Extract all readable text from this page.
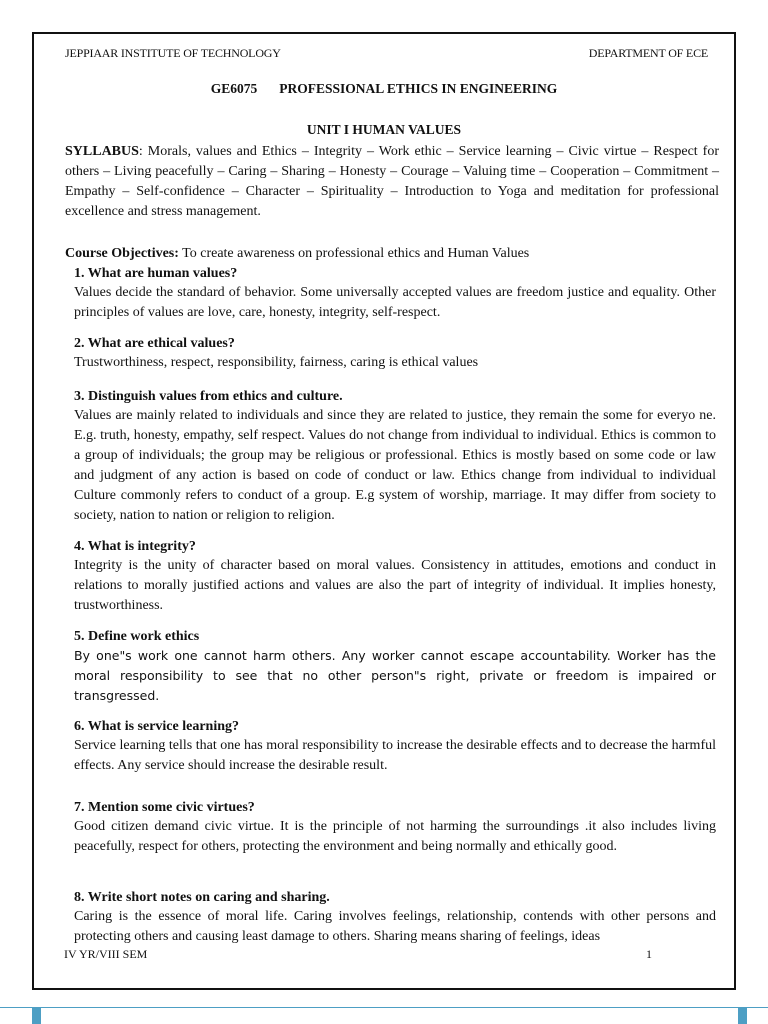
JEPPIAAR INSTITUTE OF TECHNOLOGY	DEPARTMENT OF ECE
GE6075 PROFESSIONAL ETHICS IN ENGINEERING
UNIT I HUMAN VALUES
SYLLABUS: Morals, values and Ethics – Integrity – Work ethic – Service learning – Civic virtue – Respect for others – Living peacefully – Caring – Sharing – Honesty – Courage – Valuing time – Cooperation – Commitment – Empathy – Self-confidence – Character – Spirituality – Introduction to Yoga and meditation for professional excellence and stress management.
Course Objectives: To create awareness on professional ethics and Human Values
1. What are human values?

Values decide the standard of behavior. Some universally accepted values are freedom justice and equality. Other principles of values are love, care, honesty, integrity, self-respect.

2. What are ethical values?

Trustworthiness, respect, responsibility, fairness, caring is ethical values

3. Distinguish values from ethics and culture.

Values are mainly related to individuals and since they are related to justice, they remain the some for everyo ne. E.g. truth, honesty, empathy, self respect. Values do not change from individual to individual. Ethics is common to a group of individuals; the group may be religious or professional. Ethics is mostly based on some code or law and judgment of any action is based on code of conduct or law. Ethics change from individual to individual Culture commonly refers to conduct of a group. E.g system of worship, marriage. It may differ from society to society, nation to nation or religion to religion.

4. What is integrity?

Integrity is the unity of character based on moral values. Consistency in attitudes, emotions and conduct in relations to morally justified actions and values are also the part of integrity of individual. It implies honesty, trustworthiness.

5. Define work ethics

By one"s work one cannot harm others. Any worker cannot escape accountability. Worker has the moral responsibility to see that no other person"s right, private or freedom is impaired or transgressed.

6. What is service learning?

Service learning tells that one has moral responsibility to increase the desirable effects and to decrease the harmful effects. Any service should increase the desirable result.

7. Mention some civic virtues?

Good citizen demand civic virtue. It is the principle of not harming the surroundings .it also includes living peacefully, respect for others, protecting the environment and being normally and ethically good.

8. Write short notes on caring and sharing.

Caring is the essence of moral life. Caring involves feelings, relationship, contends with other persons and protecting others and causing least damage to others. Sharing means sharing of feelings, ideas

IV YR/VIII SEM	1
